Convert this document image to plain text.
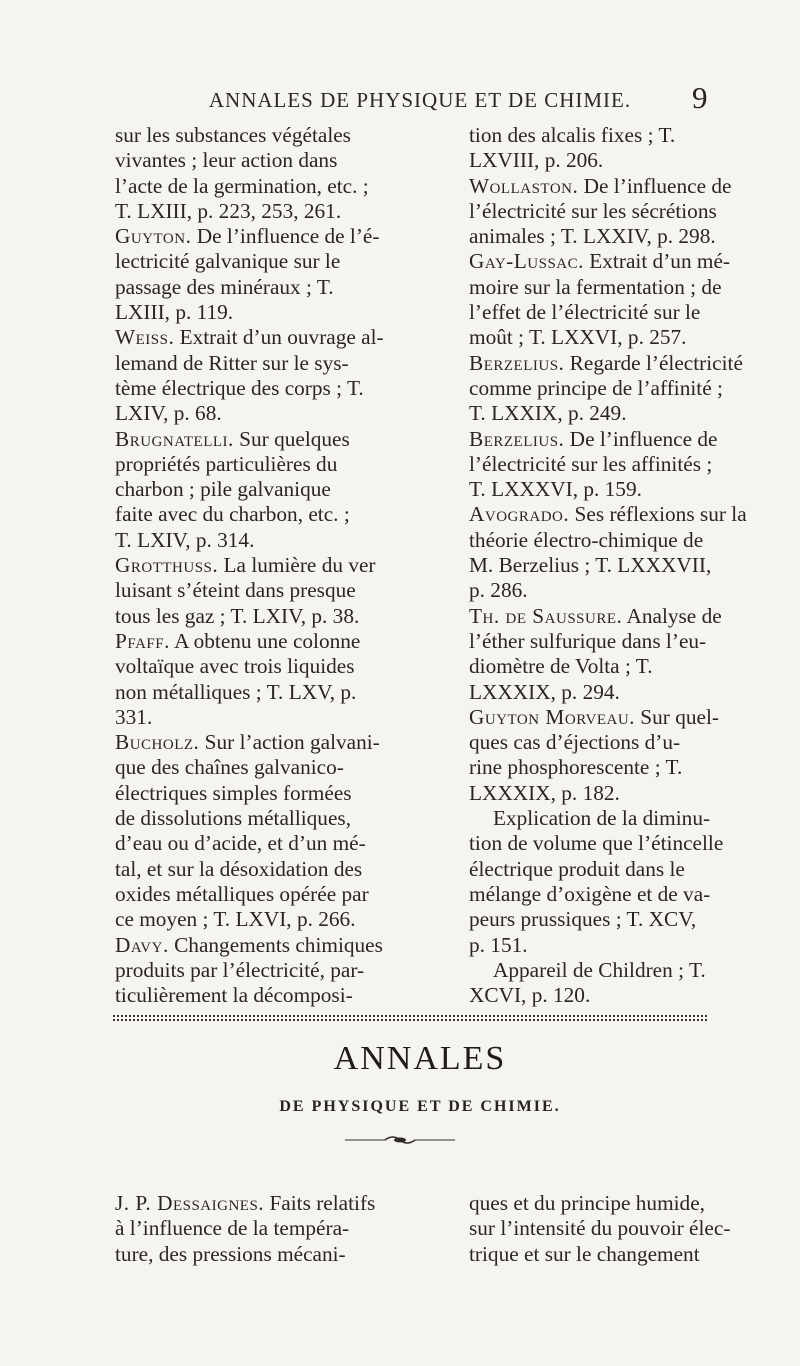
ANNALES DE PHYSIQUE ET DE CHIMIE.	9
sur les substances végétales
vivantes ; leur action dans
l’acte de la germination, etc. ;
T. LXIII, p. 223, 253, 261.
Guyton. De l’influence de l’é-
lectricité galvanique sur le
passage des minéraux ; T.
LXIII, p. 119.
Weiss. Extrait d’un ouvrage al-
lemand de Ritter sur le sys-
tème électrique des corps ; T.
LXIV, p. 68.
Brugnatelli. Sur quelques
propriétés particulières du
charbon ; pile galvanique
faite avec du charbon, etc. ;
T. LXIV, p. 314.
Grotthuss. La lumière du ver
luisant s’éteint dans presque
tous les gaz ; T. LXIV, p. 38.
Pfaff. A obtenu une colonne
voltaïque avec trois liquides
non métalliques ; T. LXV, p.
331.
Bucholz. Sur l’action galvani-
que des chaînes galvanico-
électriques simples formées
de dissolutions métalliques,
d’eau ou d’acide, et d’un mé-
tal, et sur la désoxidation des
oxides métalliques opérée par
ce moyen ; T. LXVI, p. 266.
Davy. Changements chimiques
produits par l’électricité, par-
ticulièrement la décomposi-
tion des alcalis fixes ; T.
LXVIII, p. 206.
Wollaston. De l’influence de
l’électricité sur les sécrétions
animales ; T. LXXIV, p. 298.
Gay-Lussac. Extrait d’un mé-
moire sur la fermentation ; de
l’effet de l’électricité sur le
moût ; T. LXXVI, p. 257.
Berzelius. Regarde l’électricité
comme principe de l’affinité ;
T. LXXIX, p. 249.
Berzelius. De l’influence de
l’électricité sur les affinités ;
T. LXXXVI, p. 159.
Avogrado. Ses réflexions sur la
théorie électro-chimique de
M. Berzelius ; T. LXXXVII,
p. 286.
Th. de Saussure. Analyse de
l’éther sulfurique dans l’eu-
diomètre de Volta ; T.
LXXXIX, p. 294.
Guyton Morveau. Sur quel-
ques cas d’éjections d’u-
rine phosphorescente ; T.
LXXXIX, p. 182.
Explication de la diminu-
tion de volume que l’étincelle
électrique produit dans le
mélange d’oxigène et de va-
peurs prussiques ; T. XCV,
p. 151.
Appareil de Children ; T.
XCVI, p. 120.
ANNALES
DE PHYSIQUE ET DE CHIMIE.
J. P. Dessaignes. Faits relatifs
à l’influence de la tempéra-
ture, des pressions mécani-
ques et du principe humide,
sur l’intensité du pouvoir élec-
trique et sur le changement
